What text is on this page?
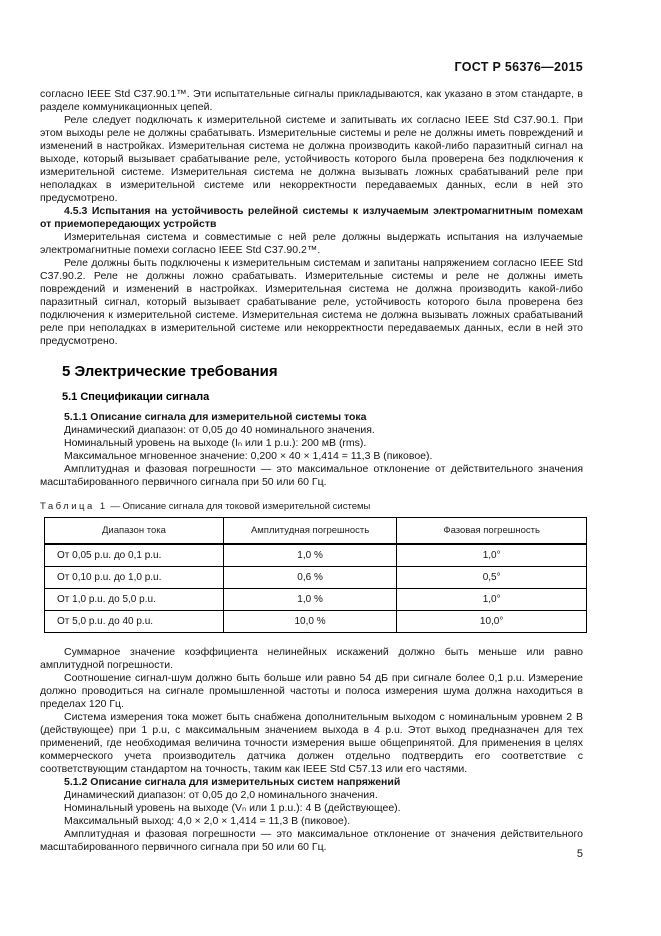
ГОСТ Р 56376—2015

согласно IEEE Std C37.90.1™. Эти испытательные сигналы прикладываются, как указано в этом стандарте, в разделе коммуникационных цепей.

Реле следует подключать к измерительной системе и запитывать их согласно IEEE Std C37.90.1. При этом выходы реле не должны срабатывать. Измерительные системы и реле не должны иметь повреждений и изменений в настройках. Измерительная система не должна производить какой-либо паразитный сигнал на выходе, который вызывает срабатывание реле, устойчивость которого была проверена без подключения к измерительной системе. Измерительная система не должна вызывать ложных срабатываний реле при неполадках в измерительной системе или некорректности передаваемых данных, если в ней это предусмотрено.

4.5.3 Испытания на устойчивость релейной системы к излучаемым электромагнитным помехам от приемопередающих устройств

Измерительная система и совместимые с ней реле должны выдержать испытания на излучаемые электромагнитные помехи согласно IEEE Std C37.90.2™.

Реле должны быть подключены к измерительным системам и запитаны напряжением согласно IEEE Std C37.90.2. Реле не должны ложно срабатывать. Измерительные системы и реле не должны иметь повреждений и изменений в настройках. Измерительная система не должна производить какой-либо паразитный сигнал, который вызывает срабатывание реле, устойчивость которого была проверена без подключения к измерительной системе. Измерительная система не должна вызывать ложных срабатываний реле при неполадках в измерительной системе или некорректности передаваемых данных, если в ней это предусмотрено.

5 Электрические требования
5.1 Спецификации сигнала

5.1.1 Описание сигнала для измерительной системы тока

Динамический диапазон: от 0,05 до 40 номинального значения.

Номинальный уровень на выходе (Iₙ или 1 p.u.): 200 мВ (rms).

Максимальное мгновенное значение: 0,200 × 40 × 1,414 = 11,3 В (пиковое).

Амплитудная и фазовая погрешности — это максимальное отклонение от действительного значения масштабированного первичного сигнала при 50 или 60 Гц.

Таблица 1 — Описание сигнала для токовой измерительной системы
Диапазон тока	Амплитудная погрешность	Фазовая погрешность
От 0,05 p.u. до 0,1 p.u.	1,0 %	1,0°
От 0,10 p.u. до 1,0 p.u.	0,6 %	0,5°
От 1,0 p.u. до 5,0 p.u.	1,0 %	1,0°
От 5,0 p.u. до 40 p.u.	10,0 %	10,0°

Суммарное значение коэффициента нелинейных искажений должно быть меньше или равно амплитудной погрешности.

Соотношение сигнал-шум должно быть больше или равно 54 дБ при сигнале более 0,1 p.u. Измерение должно проводиться на сигнале промышленной частоты и полоса измерения шума должна находиться в пределах 120 Гц.

Система измерения тока может быть снабжена дополнительным выходом с номинальным уровнем 2 В (действующее) при 1 p.u, с максимальным значением выхода в 4 p.u. Этот выход предназначен для тех применений, где необходимая величина точности измерения выше общепринятой. Для применения в целях коммерческого учета производитель датчика должен отдельно подтвердить его соответствие с соответствующим стандартом на точность, таким как IEEE Std C57.13 или его частями.

5.1.2 Описание сигнала для измерительных систем напряжений

Динамический диапазон: от 0,05 до 2,0 номинального значения.

Номинальный уровень на выходе (Vₙ или 1 p.u.): 4 В (действующее).

Максимальный выход: 4,0 × 2,0 × 1,414 = 11,3 В (пиковое).

Амплитудная и фазовая погрешности — это максимальное отклонение от значения действительного масштабированного первичного сигнала при 50 или 60 Гц.

5
